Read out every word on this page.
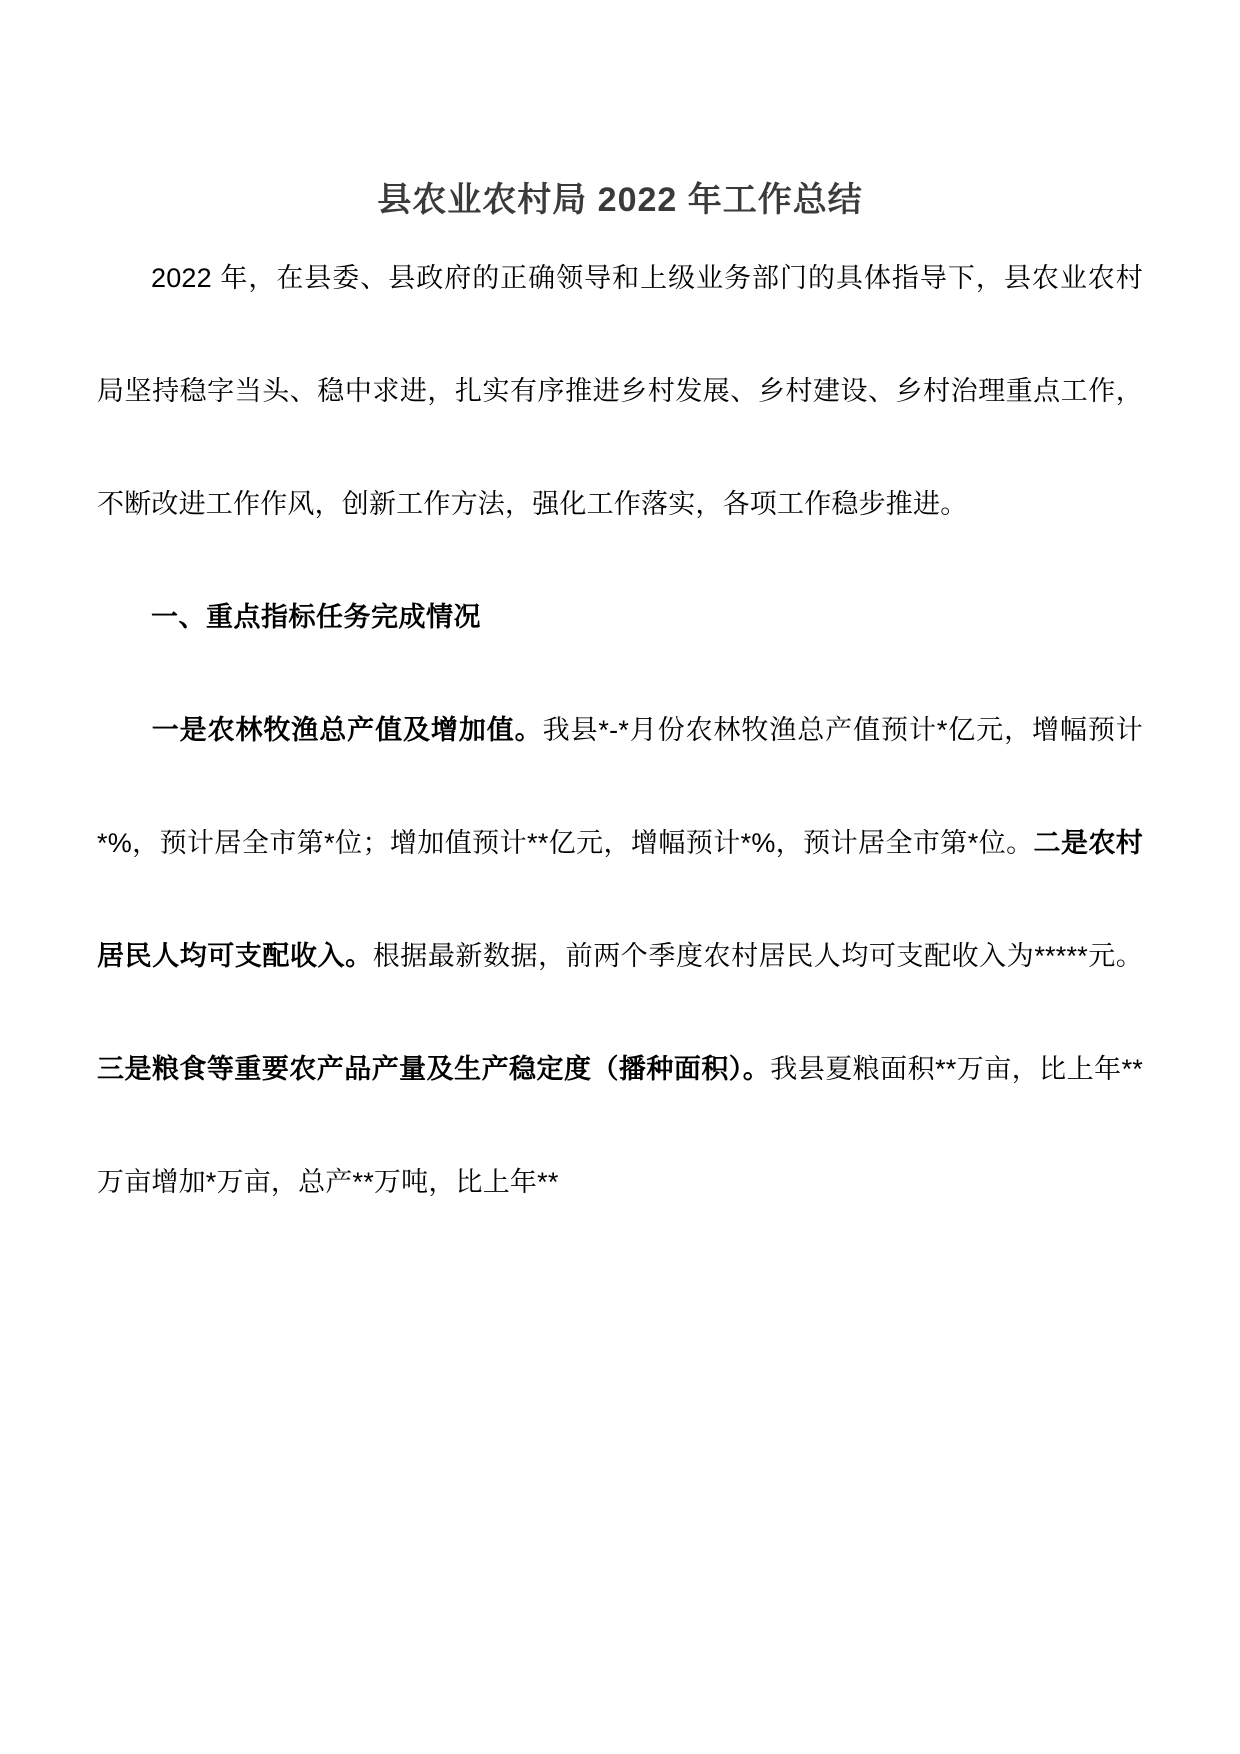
县农业农村局 2022 年工作总结
2022 年，在县委、县政府的正确领导和上级业务部门的具体指导下，县农业农村局坚持稳字当头、稳中求进，扎实有序推进乡村发展、乡村建设、乡村治理重点工作，不断改进工作作风，创新工作方法，强化工作落实，各项工作稳步推进。
一、重点指标任务完成情况
一是农林牧渔总产值及增加值。我县*-*月份农林牧渔总产值预计*亿元，增幅预计*%，预计居全市第*位；增加值预计**亿元，增幅预计*%，预计居全市第*位。二是农村居民人均可支配收入。根据最新数据，前两个季度农村居民人均可支配收入为*****元。三是粮食等重要农产品产量及生产稳定度（播种面积）。我县夏粮面积**万亩，比上年**万亩增加*万亩，总产**万吨，比上年**
